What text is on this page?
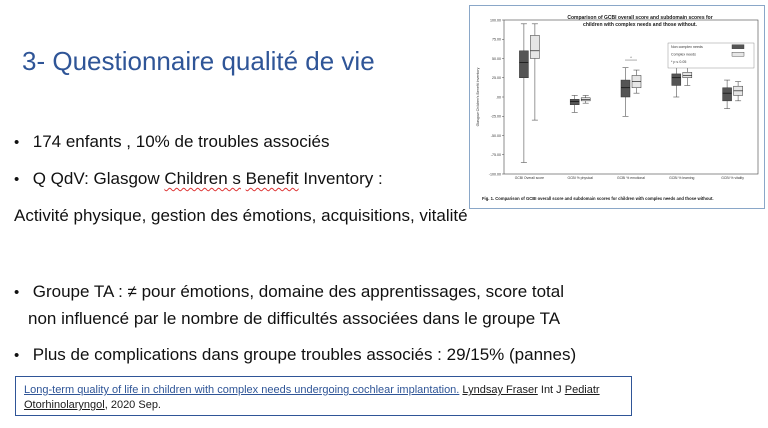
3- Questionnaire qualité de vie
• 174 enfants , 10% de troubles associés
• Q QdV: Glasgow Children s Benefit Inventory :
Activité physique, gestion des émotions, acquisitions, vitalité
• Groupe TA : ≠ pour émotions, domaine des apprentissages, score total
non influencé par le nombre de difficultés associées dans le groupe TA
• Plus de complications dans groupe troubles associés : 29/15% (pannes)
Long-term quality of life in children with complex needs undergoing cochlear implantation. Lyndsay Fraser Int J Pediatr
Otorhinolaryngol, 2020 Sep.
Comparison of GCBI overall score and subdomain scores for children with complex needs and those without.
100.00
75.00
50.00
25.00
.00
-25.00
-50.00
-75.00
-100.00
Glasgow Children's Benefit Inventory
GCBI Overall score	GCBI % physical	GCBI % emotional	GCBI % learning	GCBI % vitality
*
Non complex needs
Complex needs
* p ≤ 0.05
Fig. 1. Comparison of GCBI overall score and subdomain scores for children with complex needs and those without.
